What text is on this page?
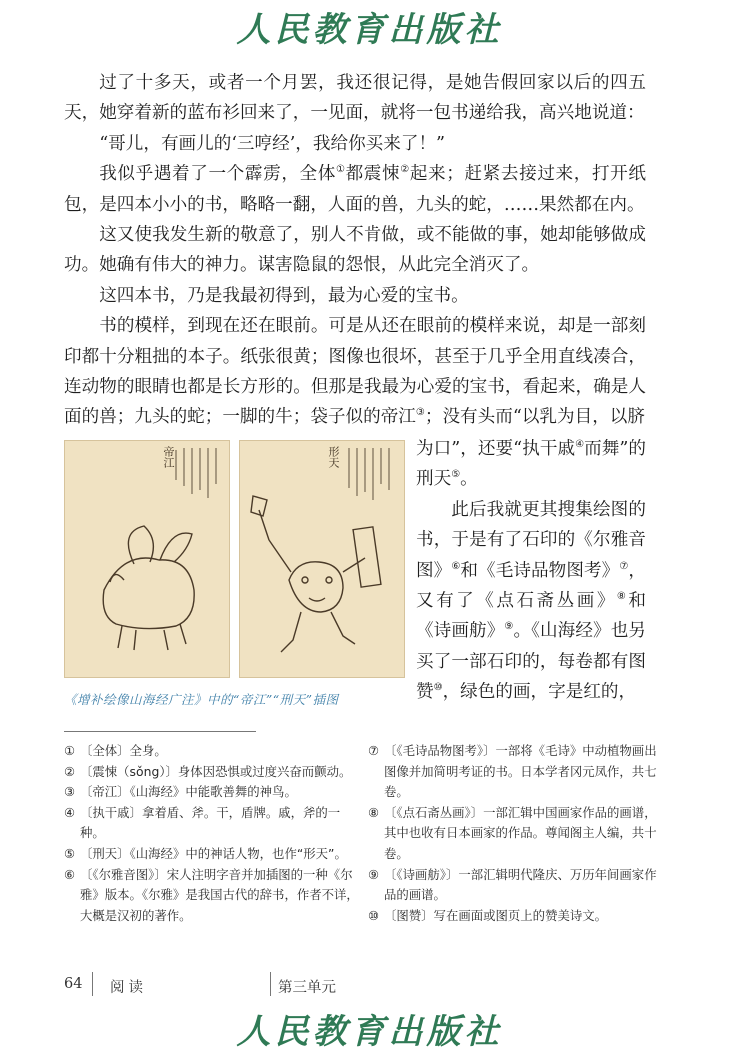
人民教育出版社

过了十多天，或者一个月罢，我还很记得，是她告假回家以后的四五天，她穿着新的蓝布衫回来了，一见面，就将一包书递给我，高兴地说道：

“哥儿，有画儿的‘三哼经’，我给你买来了！”

我似乎遇着了一个霹雳，全体①都震悚②起来；赶紧去接过来，打开纸包，是四本小小的书，略略一翻，人面的兽，九头的蛇，……果然都在内。

这又使我发生新的敬意了，别人不肯做，或不能做的事，她却能够做成功。她确有伟大的神力。谋害隐鼠的怨恨，从此完全消灭了。

这四本书，乃是我最初得到，最为心爱的宝书。

书的模样，到现在还在眼前。可是从还在眼前的模样来说，却是一部刻印都十分粗拙的本子。纸张很黄；图像也很坏，甚至于几乎全用直线凑合，连动物的眼睛也都是长方形的。但那是我最为心爱的宝书，看起来，确是人面的兽；九头的蛇；一脚的牛；袋子似的帝江③；没有头而“以乳为目，以脐

帝江	形天
《增补绘像山海经广注》中的“帝江”“刑天”插图

为口”，还要“执干戚④而舞”的刑天⑤。

此后我就更其搜集绘图的书，于是有了石印的《尔雅音图》⑥和《毛诗品物图考》⑦，又有了《点石斋丛画》⑧和《诗画舫》⑨。《山海经》也另买了一部石印的，每卷都有图赞⑩，绿色的画，字是红的，

① 〔全体〕全身。
② 〔震悚（sǒng）〕身体因恐惧或过度兴奋而颤动。
③ 〔帝江〕《山海经》中能歌善舞的神鸟。
④ 〔执干戚〕拿着盾、斧。干，盾牌。戚，斧的一种。
⑤ 〔刑天〕《山海经》中的神话人物，也作“形天”。
⑥ 〔《尔雅音图》〕宋人注明字音并加插图的一种《尔雅》版本。《尔雅》是我国古代的辞书，作者不详，大概是汉初的著作。
⑦ 〔《毛诗品物图考》〕一部将《毛诗》中动植物画出图像并加简明考证的书。日本学者冈元凤作，共七卷。
⑧ 〔《点石斋丛画》〕一部汇辑中国画家作品的画谱，其中也收有日本画家的作品。尊闻阁主人编，共十卷。
⑨ 〔《诗画舫》〕一部汇辑明代隆庆、万历年间画家作品的画谱。
⑩ 〔图赞〕写在画面或图页上的赞美诗文。
64 阅读	第三单元
人民教育出版社
